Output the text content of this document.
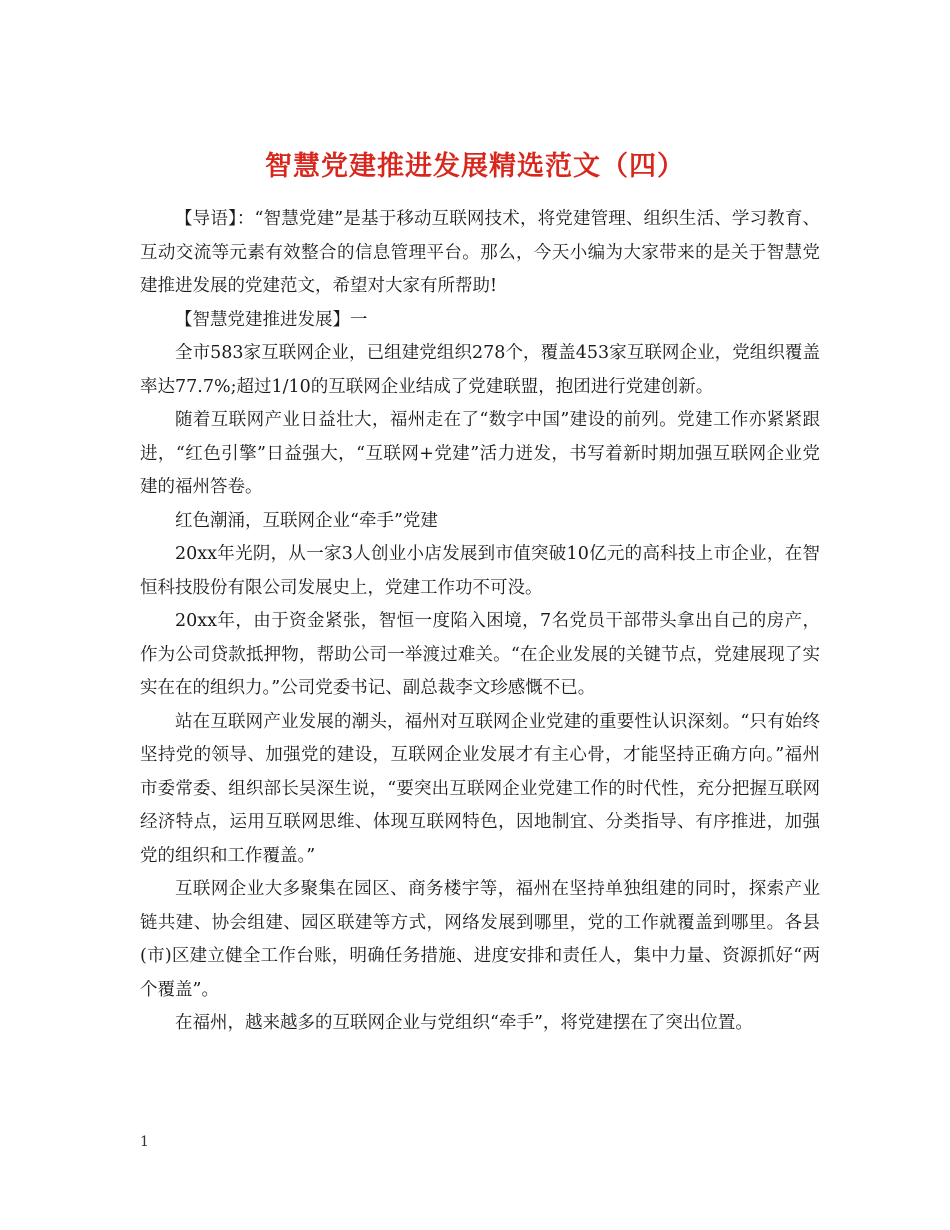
智慧党建推进发展精选范文（四）

【导语】：“智慧党建”是基于移动互联网技术，将党建管理、组织生活、学习教育、互动交流等元素有效整合的信息管理平台。那么，今天小编为大家带来的是关于智慧党建推进发展的党建范文，希望对大家有所帮助!

【智慧党建推进发展】一

全市583家互联网企业，已组建党组织278个，覆盖453家互联网企业，党组织覆盖率达77.7%;超过1/10的互联网企业结成了党建联盟，抱团进行党建创新。

随着互联网产业日益壮大，福州走在了“数字中国”建设的前列。党建工作亦紧紧跟进，“红色引擎”日益强大，“互联网+党建”活力迸发，书写着新时期加强互联网企业党建的福州答卷。

红色潮涌，互联网企业“牵手”党建

20xx年光阴，从一家3人创业小店发展到市值突破10亿元的高科技上市企业，在智恒科技股份有限公司发展史上，党建工作功不可没。

20xx年，由于资金紧张，智恒一度陷入困境，7名党员干部带头拿出自己的房产，作为公司贷款抵押物，帮助公司一举渡过难关。“在企业发展的关键节点，党建展现了实实在在的组织力。”公司党委书记、副总裁李文珍感慨不已。

站在互联网产业发展的潮头，福州对互联网企业党建的重要性认识深刻。“只有始终坚持党的领导、加强党的建设，互联网企业发展才有主心骨，才能坚持正确方向。”福州市委常委、组织部长吴深生说，“要突出互联网企业党建工作的时代性，充分把握互联网经济特点，运用互联网思维、体现互联网特色，因地制宜、分类指导、有序推进，加强党的组织和工作覆盖。”

互联网企业大多聚集在园区、商务楼宇等，福州在坚持单独组建的同时，探索产业链共建、协会组建、园区联建等方式，网络发展到哪里，党的工作就覆盖到哪里。各县(市)区建立健全工作台账，明确任务措施、进度安排和责任人，集中力量、资源抓好“两个覆盖”。

在福州，越来越多的互联网企业与党组织“牵手”，将党建摆在了突出位置。

1
